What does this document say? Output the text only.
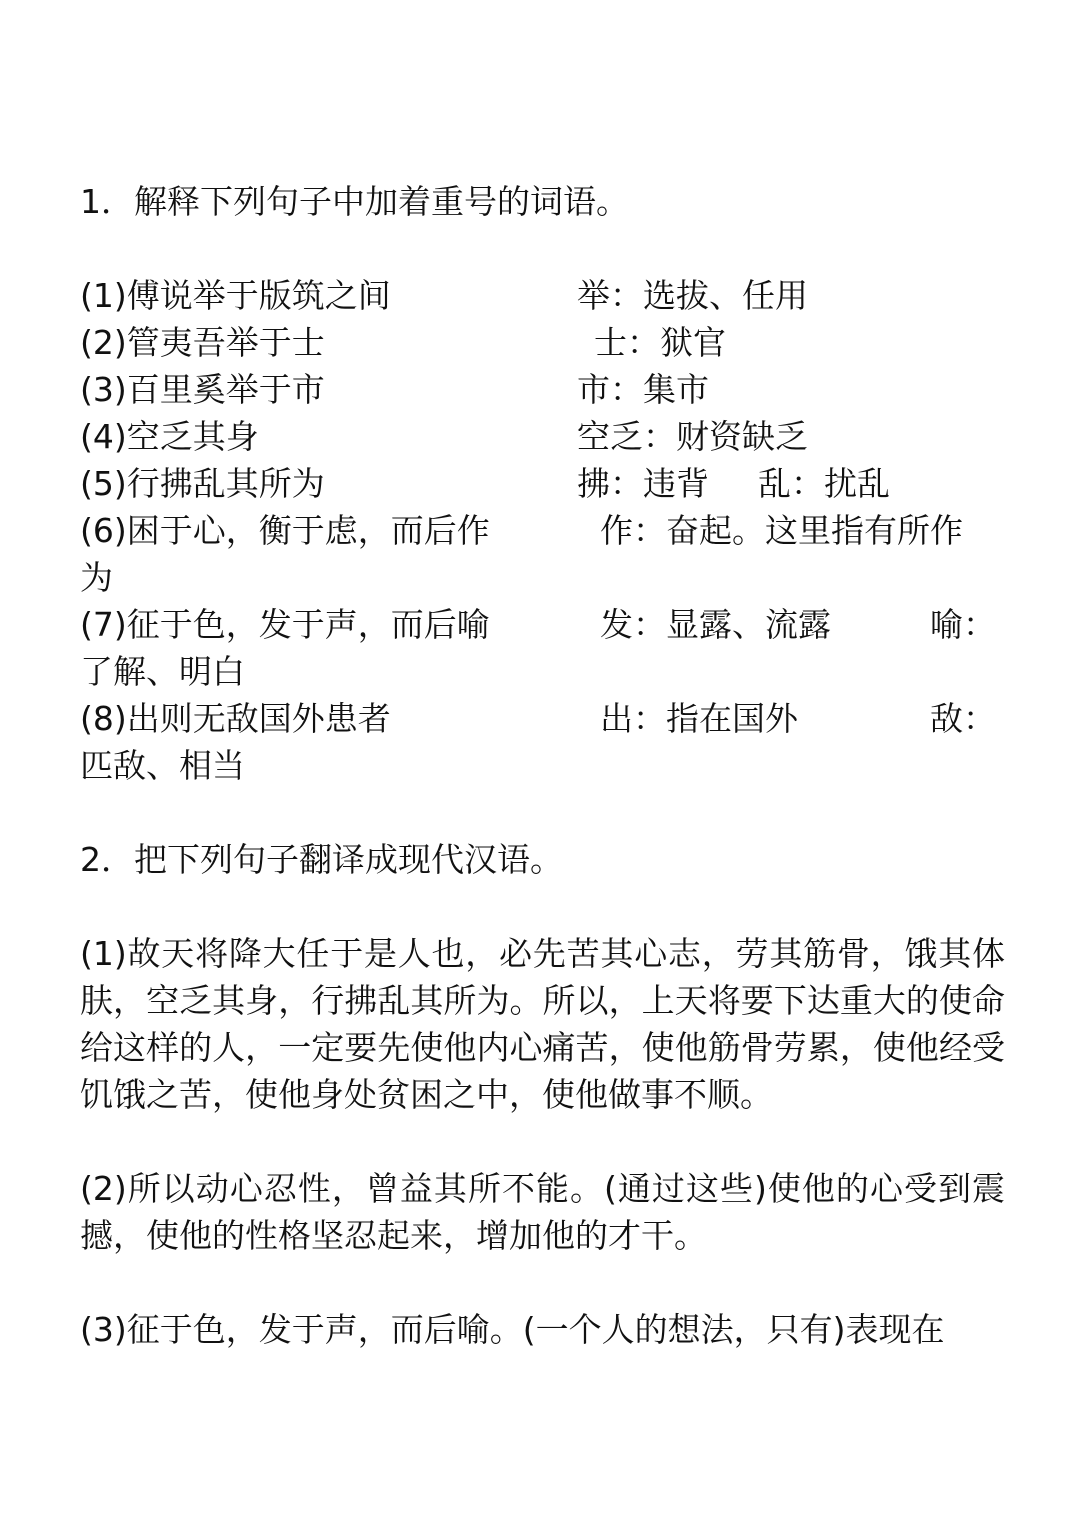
1．解释下列句子中加着重号的词语。

(1)傅说举于版筑之间	举：选拔、任用
(2)管夷吾举于士	士：狱官
(3)百里奚举于市	市：集市
(4)空乏其身	空乏：财资缺乏
(5)行拂乱其所为	拂：违背 乱：扰乱
(6)困于心，衡于虑，而后作	作：奋起。这里指有所作
为
(7)征于色，发于声，而后喻	发：显露、流露	喻：
了解、明白
(8)出则无敌国外患者	出：指在国外	敌：
匹敌、相当

2．把下列句子翻译成现代汉语。

(1)故天将降大任于是人也，必先苦其心志，劳其筋骨，饿其体肤，空乏其身，行拂乱其所为。所以，上天将要下达重大的使命给这样的人，一定要先使他内心痛苦，使他筋骨劳累，使他经受饥饿之苦，使他身处贫困之中，使他做事不顺。

(2)所以动心忍性，曾益其所不能。(通过这些)使他的心受到震撼，使他的性格坚忍起来，增加他的才干。

(3)征于色，发于声，而后喻。(一个人的想法，只有)表现在
